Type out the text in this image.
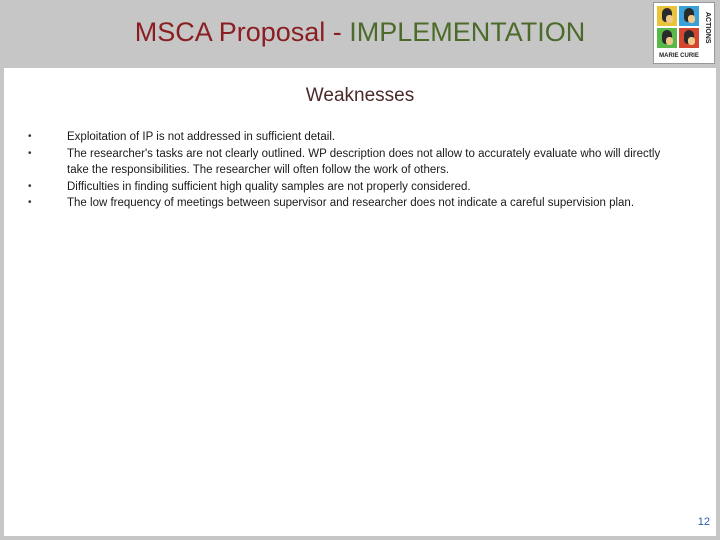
MSCA Proposal - IMPLEMENTATION	ACTIONS
MARIE CURIE
Weaknesses
•	Exploitation of IP is not addressed in sufficient detail.
•	The researcher's tasks are not clearly outlined. WP description does not allow to accurately evaluate who will directly take the responsibilities. The researcher will often follow the work of others.
•	Difficulties in finding sufficient high quality samples are not properly considered.
•	The low frequency of meetings between supervisor and researcher does not indicate a careful supervision plan.
12
